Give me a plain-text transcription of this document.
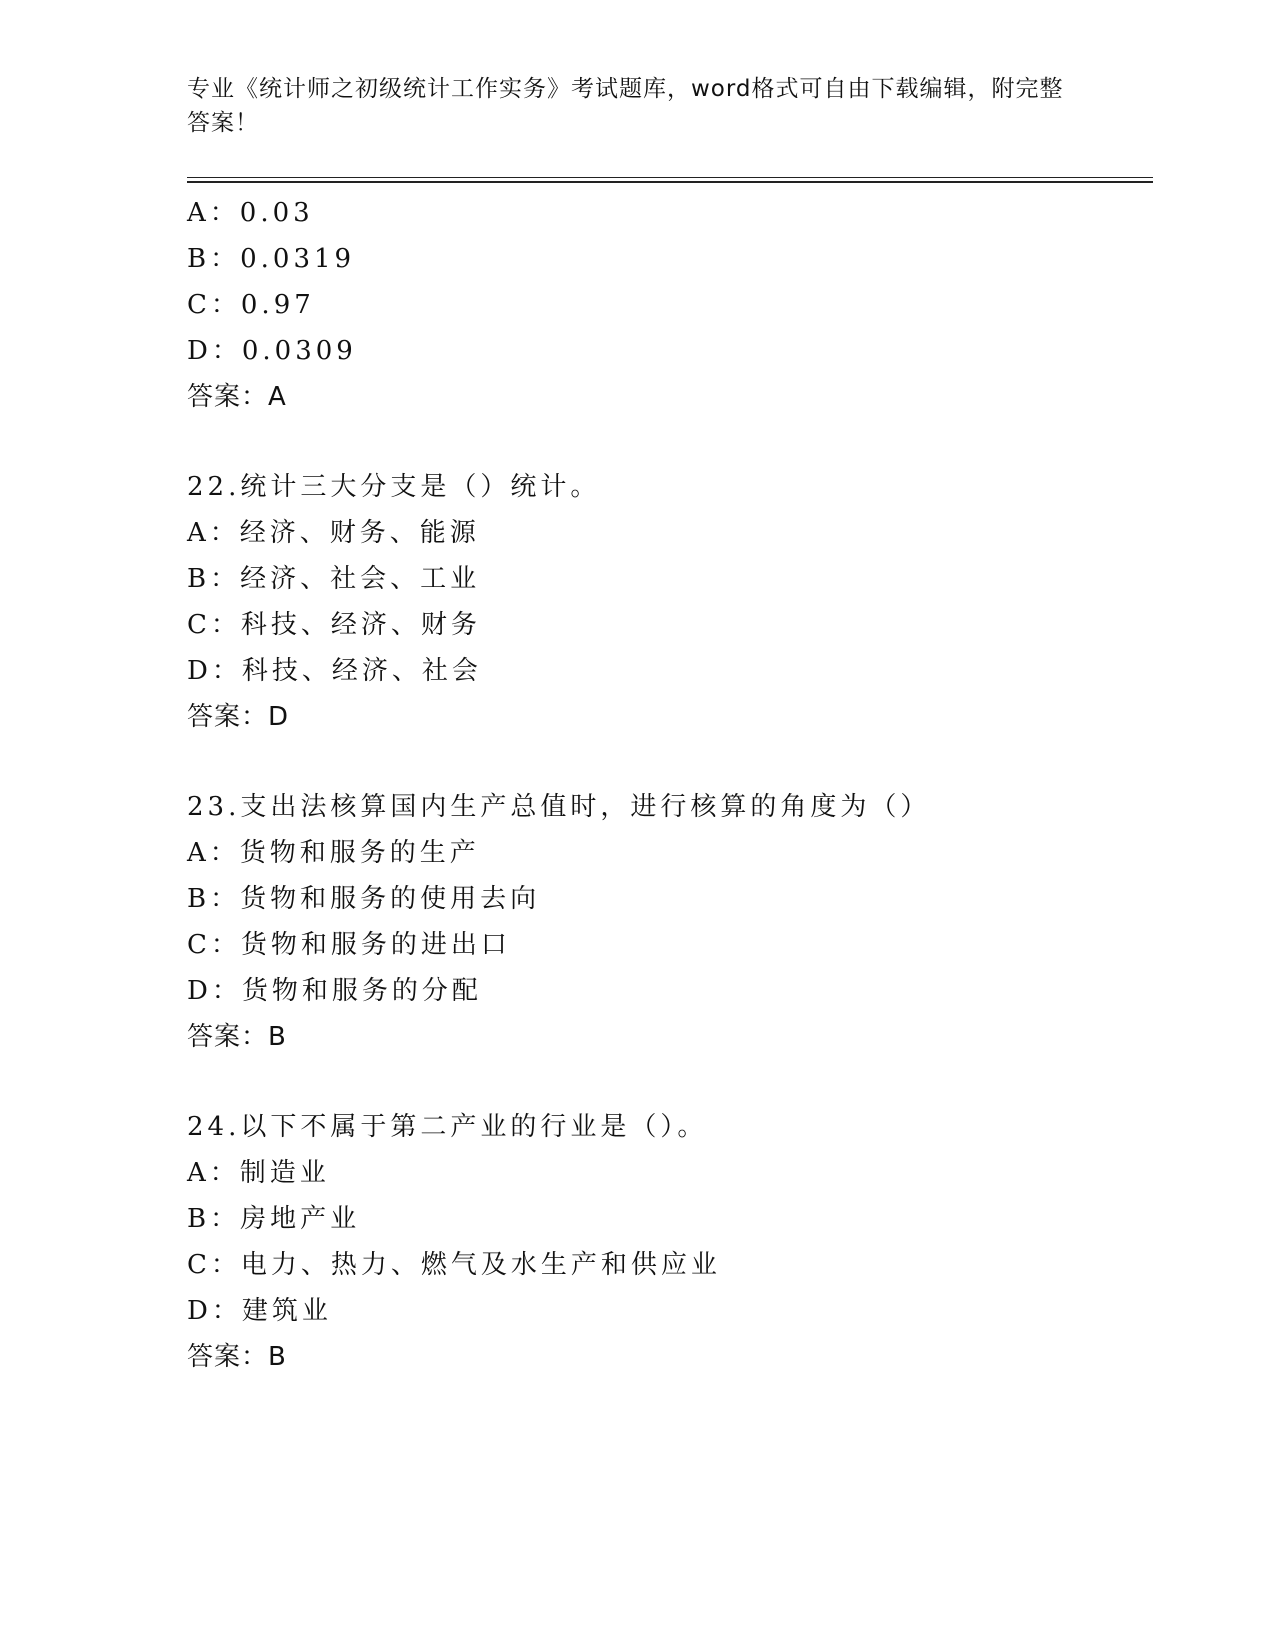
专业《统计师之初级统计工作实务》考试题库，word格式可自由下载编辑，附完整答案！
A：0.03
B：0.0319
C：0.97
D：0.0309
答案：A
22.统计三大分支是（）统计。
A：经济、财务、能源
B：经济、社会、工业
C：科技、经济、财务
D：科技、经济、社会
答案：D
23.支出法核算国内生产总值时，进行核算的角度为（）
A：货物和服务的生产
B：货物和服务的使用去向
C：货物和服务的进出口
D：货物和服务的分配
答案：B
24.以下不属于第二产业的行业是（）。
A：制造业
B：房地产业
C：电力、热力、燃气及水生产和供应业
D：建筑业
答案：B
